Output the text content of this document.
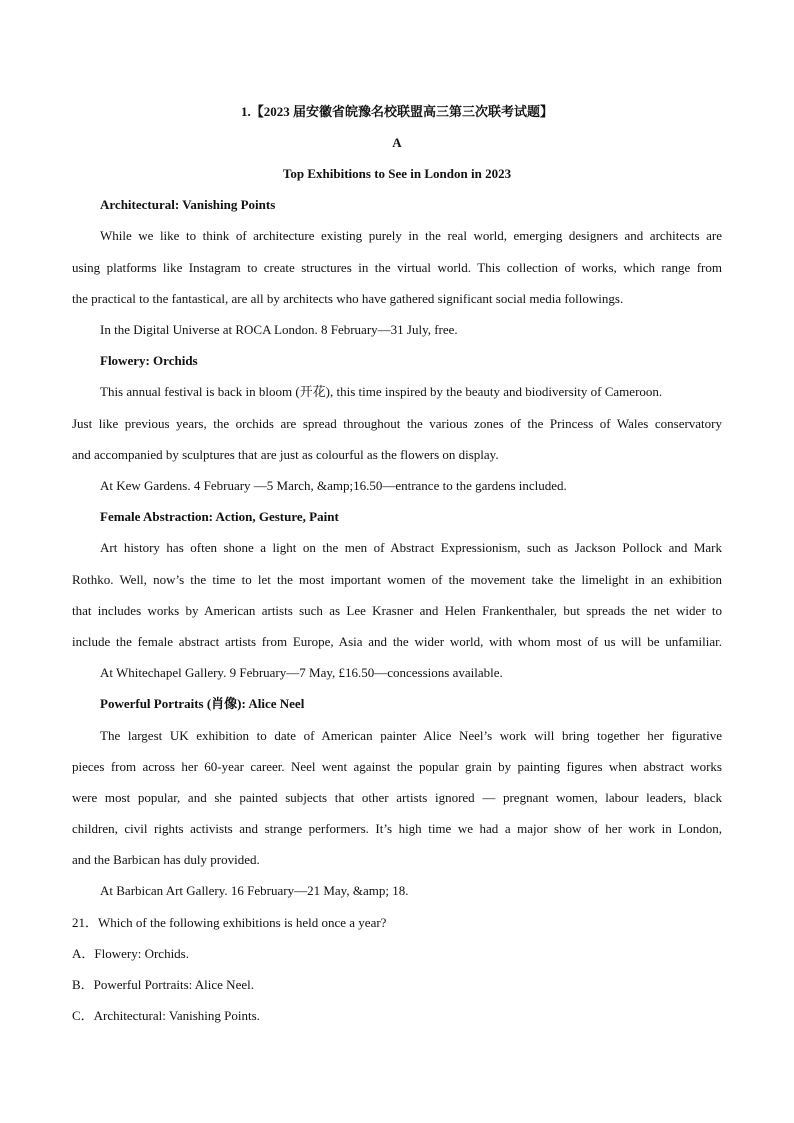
1.【2023 届安徽省皖豫名校联盟高三第三次联考试题】
A
Top Exhibitions to See in London in 2023
Architectural: Vanishing Points
While we like to think of architecture existing purely in the real world, emerging designers and architects are
using platforms like Instagram to create structures in the virtual world. This collection of works, which range from
the practical to the fantastical, are all by architects who have gathered significant social media followings.
In the Digital Universe at ROCA London. 8 February—31 July, free.
Flowery: Orchids
This annual festival is back in bloom (开花), this time inspired by the beauty and biodiversity of Cameroon.
Just like previous years, the orchids are spread throughout the various zones of the Princess of Wales conservatory
and accompanied by sculptures that are just as colourful as the flowers on display.
At Kew Gardens. 4 February —5 March, &amp;16.50—entrance to the gardens included.
Female Abstraction: Action, Gesture, Paint
Art history has often shone a light on the men of Abstract Expressionism, such as Jackson Pollock and Mark
Rothko. Well, now’s the time to let the most important women of the movement take the limelight in an exhibition
that includes works by American artists such as Lee Krasner and Helen Frankenthaler, but spreads the net wider to
include the female abstract artists from Europe, Asia and the wider world, with whom most of us will be unfamiliar.
At Whitechapel Gallery. 9 February—7 May, £16.50—concessions available.
Powerful Portraits (肖像): Alice Neel
The largest UK exhibition to date of American painter Alice Neel’s work will bring together her figurative
pieces from across her 60-year career. Neel went against the popular grain by painting figures when abstract works
were most popular, and she painted subjects that other artists ignored — pregnant women, labour leaders, black
children, civil rights activists and strange performers. It’s high time we had a major show of her work in London,
and the Barbican has duly provided.
At Barbican Art Gallery. 16 February—21 May, &amp; 18.
21．Which of the following exhibitions is held once a year?
A．Flowery: Orchids.
B．Powerful Portraits: Alice Neel.
C．Architectural: Vanishing Points.
